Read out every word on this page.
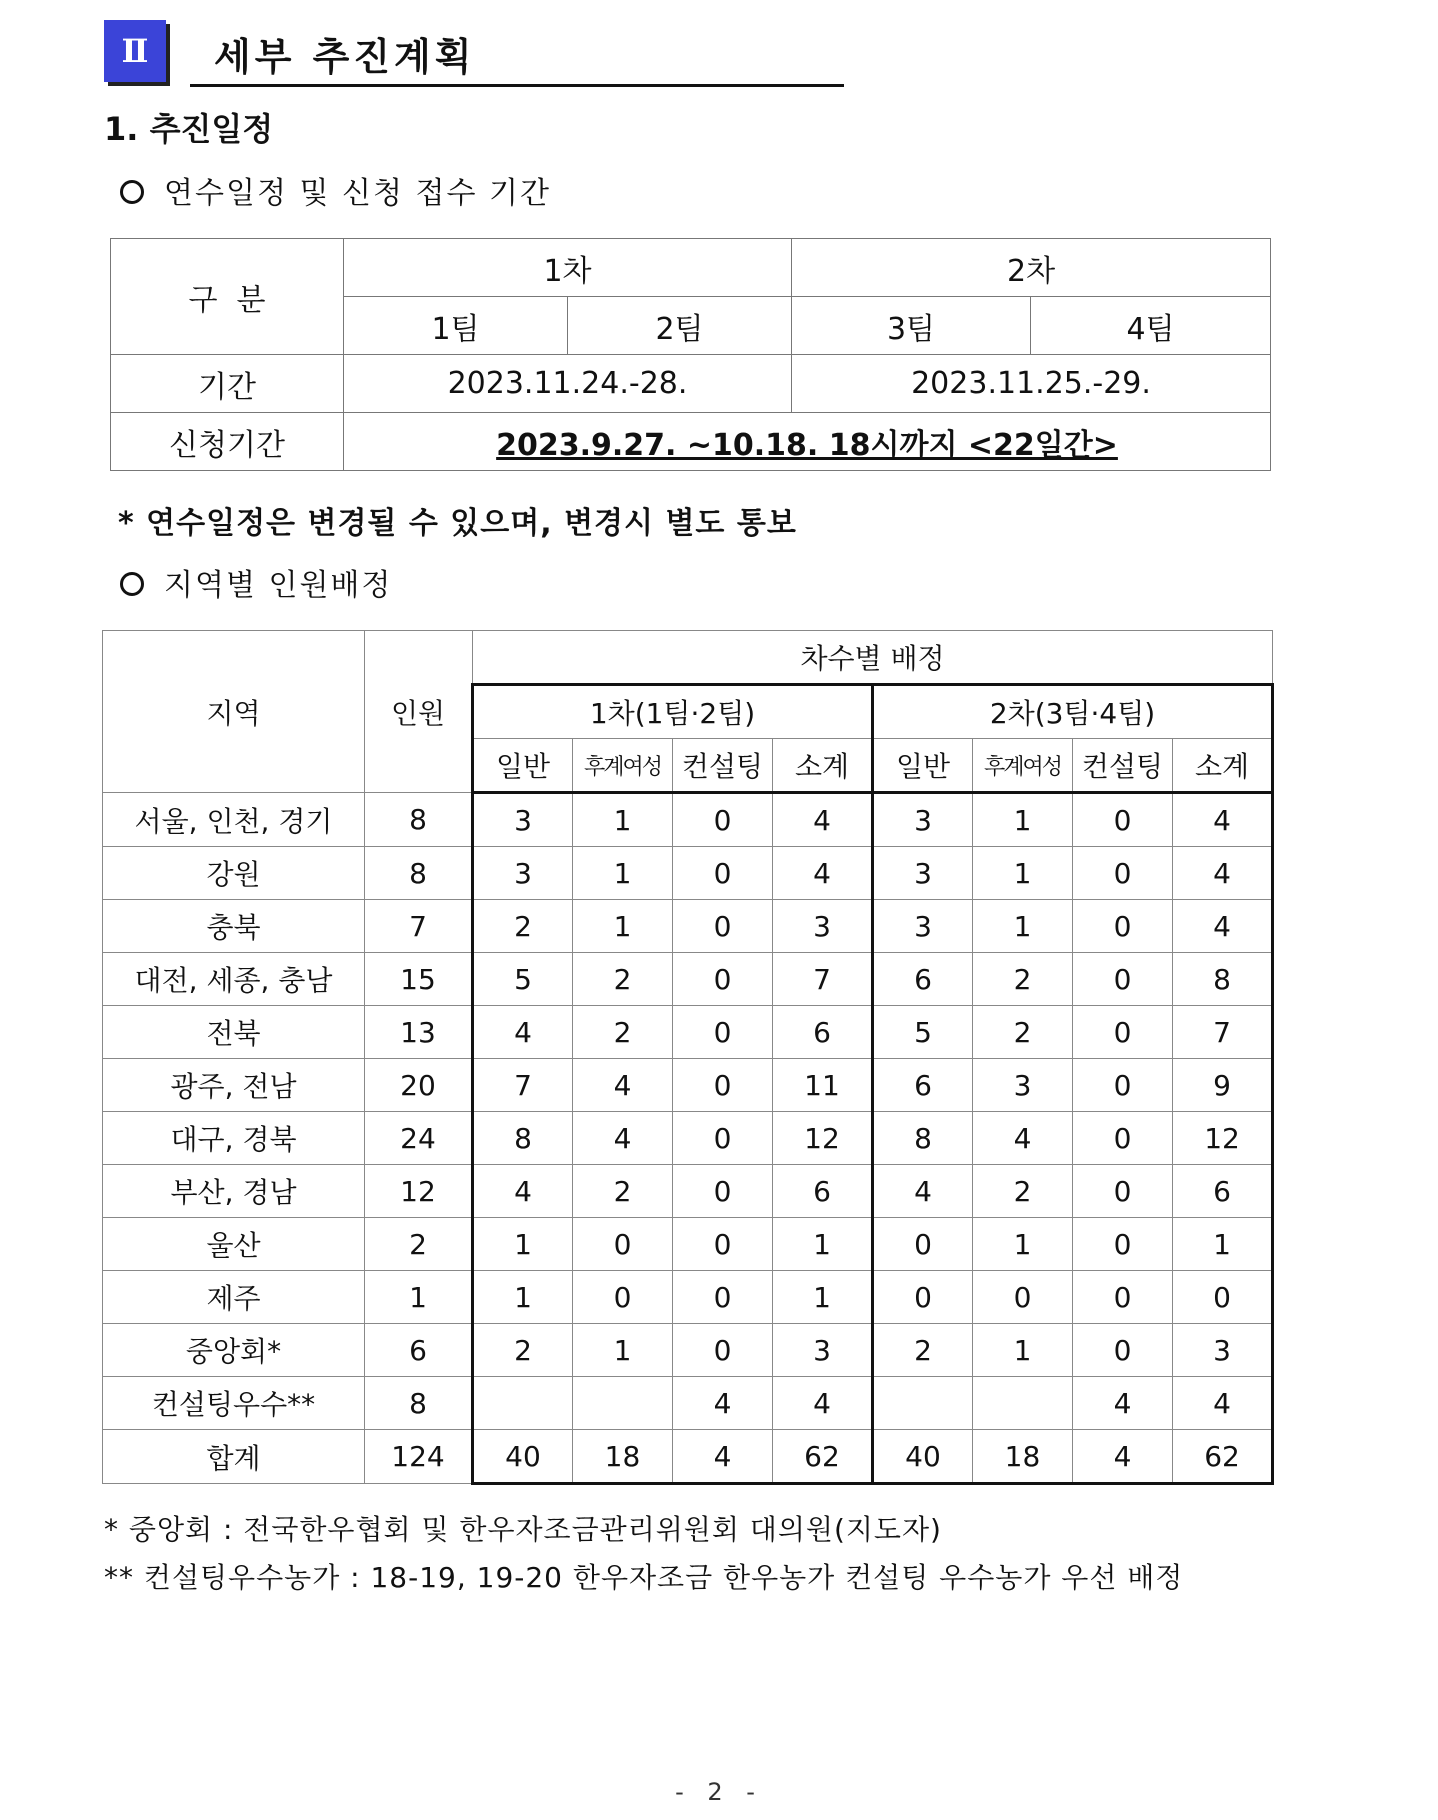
Ⅱ	세부 추진계획
1. 추진일정
연수일정 및 신청 접수 기간
구  분	1차		2차	
	1팀	2팀	3팀	4팀
기간	2023.11.24.-28.		2023.11.25.-29.	
신청기간	2023.9.27. ~10.18. 18시까지 <22일간>			
* 연수일정은 변경될 수 있으며, 변경시 별도 통보
지역별 인원배정
지역	인원	차수별 배정							
		1차(1팀·2팀)				2차(3팀·4팀)			
		일반	후계여성	컨설팅	소계	일반	후계여성	컨설팅	소계
서울, 인천, 경기	8	3	1	0	4	3	1	0	4
강원	8	3	1	0	4	3	1	0	4
충북	7	2	1	0	3	3	1	0	4
대전, 세종, 충남	15	5	2	0	7	6	2	0	8
전북	13	4	2	0	6	5	2	0	7
광주, 전남	20	7	4	0	11	6	3	0	9
대구, 경북	24	8	4	0	12	8	4	0	12
부산, 경남	12	4	2	0	6	4	2	0	6
울산	2	1	0	0	1	0	1	0	1
제주	1	1	0	0	1	0	0	0	0
중앙회*	6	2	1	0	3	2	1	0	3
컨설팅우수**	8			4	4			4	4
합계	124	40	18	4	62	40	18	4	62
* 중앙회 : 전국한우협회 및 한우자조금관리위원회 대의원(지도자)
** 컨설팅우수농가 : 18-19, 19-20 한우자조금 한우농가 컨설팅 우수농가 우선 배정
- 2 -
